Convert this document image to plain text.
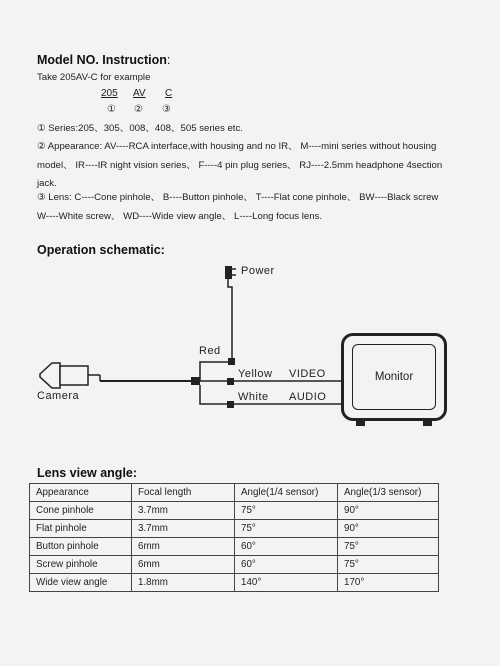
Model NO. Instruction:
Take 205AV-C for example
205 AV C
① ② ③
① Series:205、305、008、408、505 series etc.
② Appearance: AV----RCA interface,with housing and no IR、 M----mini series without housing
model、 IR----IR night vision series、 F----4 pin plug series、 RJ----2.5mm headphone 4section
jack.
③ Lens: C----Cone pinhole、 B----Button pinhole、 T----Flat cone pinhole、 BW----Black screw
W----White screw、 WD----Wide view angle、 L----Long focus lens.
Operation schematic:
Power
Red
Yellow VIDEO
White AUDIO
Camera
Monitor
Lens view angle:
Appearance	Focal length	Angle(1/4 sensor)	Angle(1/3 sensor)
Cone pinhole	3.7mm	75°	90°
Flat pinhole	3.7mm	75°	90°
Button pinhole	6mm	60°	75°
Screw pinhole	6mm	60°	75°
Wide view angle	1.8mm	140°	170°
